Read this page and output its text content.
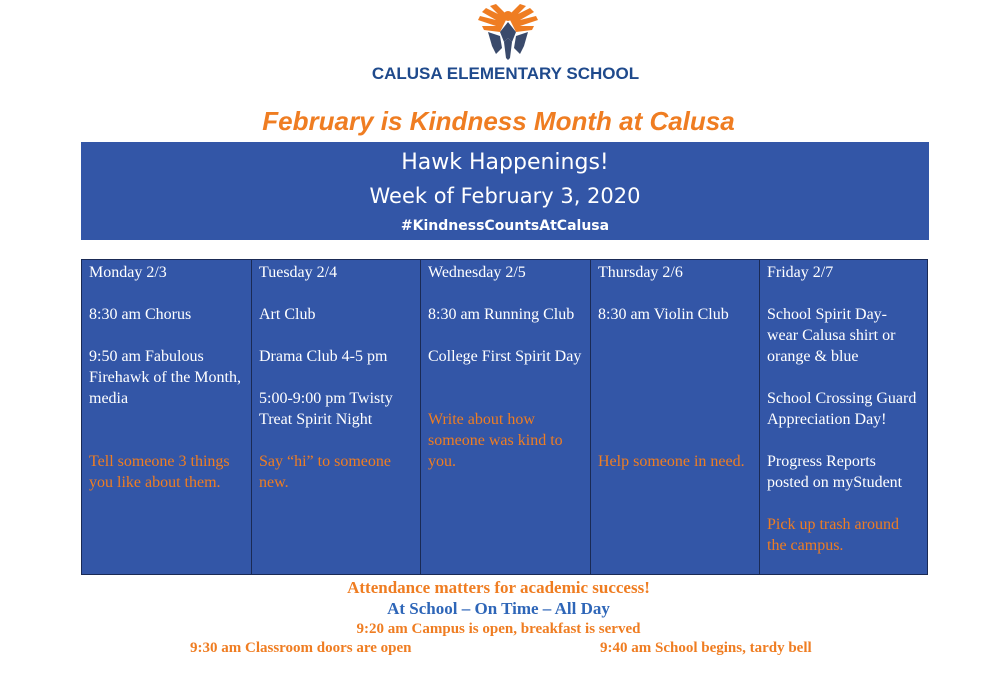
CALUSA ELEMENTARY SCHOOL
February is Kindness Month at Calusa
Hawk Happenings!
Week of February 3, 2020
#KindnessCountsAtCalusa

Monday 2/3

8:30 am Chorus

9:50 am Fabulous Firehawk of the Month, media

Tell someone 3 things you like about them.

Tuesday 2/4

Art Club

Drama Club 4-5 pm

5:00-9:00 pm Twisty Treat Spirit Night

Say “hi” to someone new.

Wednesday 2/5

8:30 am Running Club

College First Spirit Day

Write about how someone was kind to you.

Thursday 2/6

8:30 am Violin Club

Help someone in need.

Friday 2/7

School Spirit Day- wear Calusa shirt or orange & blue

School Crossing Guard Appreciation Day!

Progress Reports posted on myStudent

Pick up trash around the campus.

Attendance matters for academic success!
At School – On Time – All Day
9:20 am Campus is open, breakfast is served
9:30 am Classroom doors are open	9:40 am School begins, tardy bell
